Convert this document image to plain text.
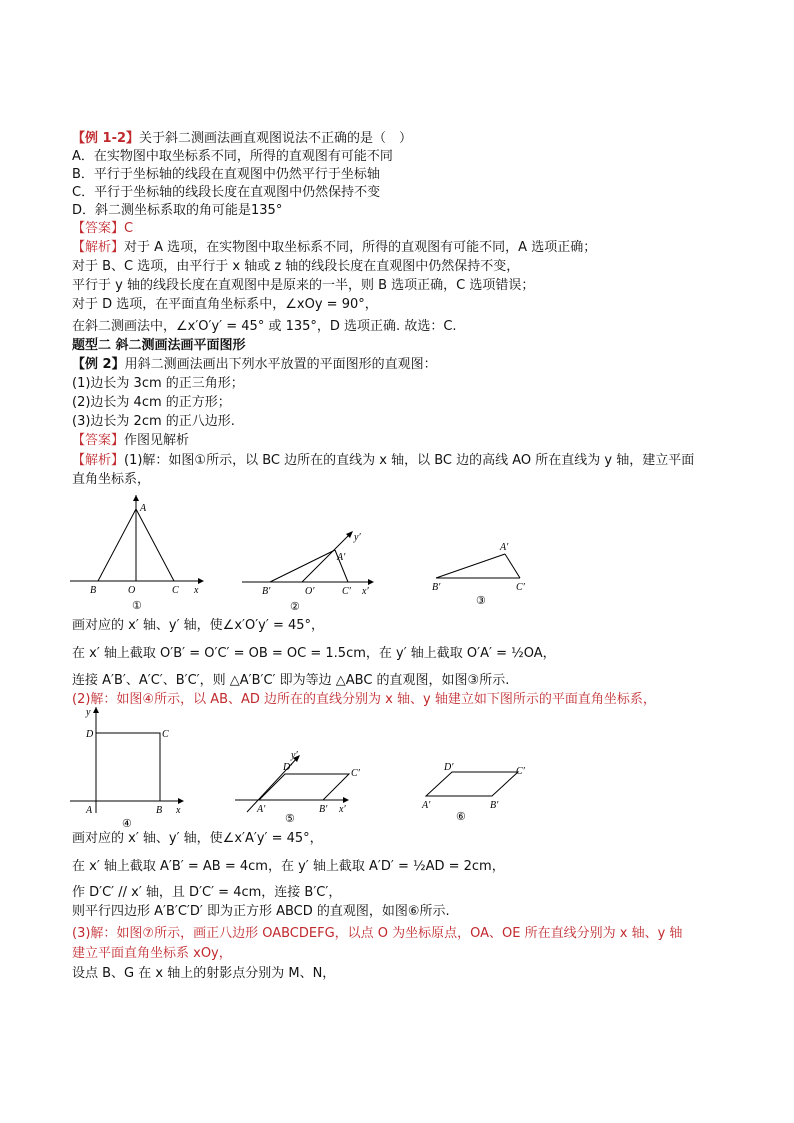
【例 1-2】关于斜二测画法画直观图说法不正确的是（　）
A．在实物图中取坐标系不同，所得的直观图有可能不同
B．平行于坐标轴的线段在直观图中仍然平行于坐标轴
C．平行于坐标轴的线段长度在直观图中仍然保持不变
D．斜二测坐标系取的角可能是135°
【答案】C
【解析】对于 A 选项，在实物图中取坐标系不同，所得的直观图有可能不同，A 选项正确；
对于 B、C 选项，由平行于 x 轴或 z 轴的线段长度在直观图中仍然保持不变，
平行于 y 轴的线段长度在直观图中是原来的一半，则 B 选项正确，C 选项错误；
对于 D 选项，在平面直角坐标系中，∠xOy = 90°，
在斜二测画法中，∠x′O′y′ = 45° 或 135°，D 选项正确. 故选：C.
题型二 斜二测画法画平面图形
【例 2】用斜二测画法画出下列水平放置的平面图形的直观图：
(1)边长为 3cm 的正三角形；
(2)边长为 4cm 的正方形；
(3)边长为 2cm 的正八边形.
【答案】作图见解析
【解析】(1)解：如图①所示，以 BC 边所在的直线为 x 轴，以 BC 边的高线 AO 所在直线为 y 轴，建立平面
直角坐标系，
A
B	O	C x
①
y′
A′
B′	O′	C′ x′
②
A′
B′	C′
③
画对应的 x′ 轴、y′ 轴，使∠x′O′y′ = 45°，
在 x′ 轴上截取 O′B′ = O′C′ = OB = OC = 1.5cm，在 y′ 轴上截取 O′A′ = ½OA，
连接 A′B′、A′C′、B′C′，则 △A′B′C′ 即为等边 △ABC 的直观图，如图③所示.
(2)解：如图④所示，以 AB、AD 边所在的直线分别为 x 轴、y 轴建立如下图所示的平面直角坐标系，
y
D	C
A	B x
④
y′
D′
C′
A′	B′ x′
⑤
D′	C′
A′	B′
⑥
画对应的 x′ 轴、y′ 轴，使∠x′A′y′ = 45°，
在 x′ 轴上截取 A′B′ = AB = 4cm，在 y′ 轴上截取 A′D′ = ½AD = 2cm，
作 D′C′ // x′ 轴，且 D′C′ = 4cm，连接 B′C′，
则平行四边形 A′B′C′D′ 即为正方形 ABCD 的直观图，如图⑥所示.
(3)解：如图⑦所示，画正八边形 OABCDEFG，以点 O 为坐标原点，OA、OE 所在直线分别为 x 轴、y 轴
建立平面直角坐标系 xOy，
设点 B、G 在 x 轴上的射影点分别为 M、N，
